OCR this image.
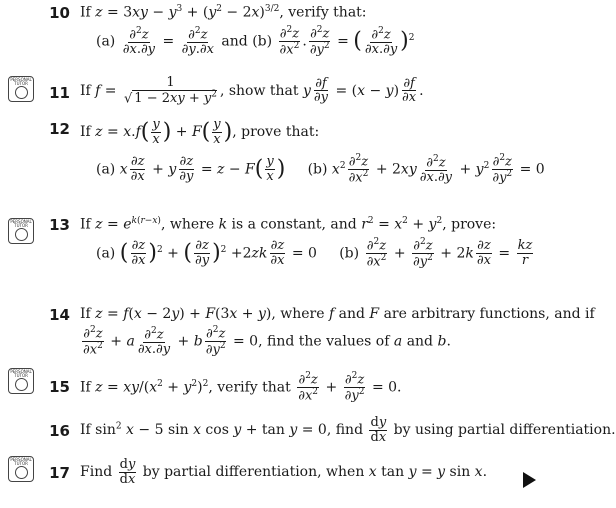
10 If $z = 3xy - y^3 + (y^2 - 2x)^{3/2}$, verify that:
$(a) \frac{\partial^2z}{\partial x.\partial y} = \frac{\partial^2z}{\partial y.\partial x}$ and $(b) \frac{\partial^2z}{\partial x^2}$ . $\frac{\partial^2z}{\partial y^2}$ = ( $\frac{\partial^2z}{\partial x.\partial y} )^2$
PERSONAL TUTOR
11 If $f = \frac{1}{√ 1 - 2xy + y^2}$ , show that y $\frac{\partial f}{\partial y} = (x - y) \frac{\partial f}{\partial x}$ .
12 If $z = x.f( \frac{y}{x}$ ) + $F( \frac{y}{x}$ ), prove that:
(a) x $\frac{\partial z}{\partial x} + y \frac{\partial z}{\partial y} = z - F( \frac{y}{x}$ ) (b) $x^2 \frac{\partial^2z}{\partial x^2} + 2xy \frac{\partial^2z}{\partial x.\partial y} + y^2 \frac{\partial^2z}{\partial y^2} = 0$
PERSONAL TUTOR	13 If $z = e^{k(r-x)}$, where k is a constant, and $r^2 = x^2 + y^2$, prove:
(a) ( $\frac{\partial z}{\partial x} )^2$ + ( $\frac{\partial z}{\partial y} )^2 +2zk \frac{\partial z}{\partial x} = 0$     $(b) \frac{\partial^2z}{\partial x^2} + \frac{\partial^2z}{\partial y^2} + 2k \frac{\partial z}{\partial x} = \frac{kz}{r}$
14 If z = f(x − 2y) + F(3x + y), where f and F are arbitrary functions, and if
$\frac{\partial^2z}{\partial x^2} + a \frac{\partial^2z}{\partial x.\partial y} + b \frac{\partial^2z}{\partial y^2} = 0$, find the values of a and b.
PERSONAL TUTOR
15 If $z = xy/(x^2 + y^2)^2$, verify that $\frac{\partial^2z}{\partial x^2} + \frac{\partial^2z}{\partial y^2} = 0$.
16 If $\sin^2 x - 5$ sin x cos y + tan y = 0, find $\frac{dy}{dx}$ by using partial differentiation.
PERSONAL TUTOR
17 Find $\frac{dy}{dx}$ by partial differentiation, when x tan y = y sin x.
